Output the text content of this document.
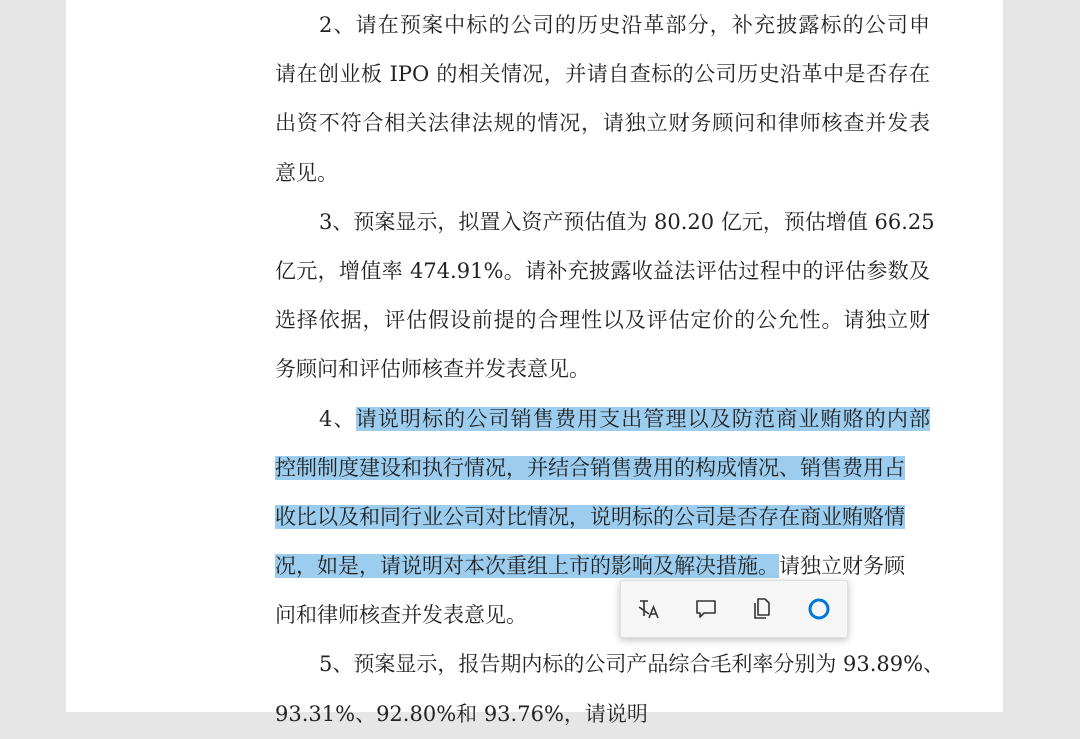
2、请在预案中标的公司的历史沿革部分，补充披露标的公司申
请在创业板 IPO 的相关情况，并请自查标的公司历史沿革中是否存在
出资不符合相关法律法规的情况，请独立财务顾问和律师核查并发表
意见。
3、预案显示，拟置入资产预估值为 80.20 亿元，预估增值 66.25
亿元，增值率 474.91%。请补充披露收益法评估过程中的评估参数及
选择依据，评估假设前提的合理性以及评估定价的公允性。请独立财
务顾问和评估师核查并发表意见。
4、请说明标的公司销售费用支出管理以及防范商业贿赂的内部
控制制度建设和执行情况，并结合销售费用的构成情况、销售费用占
收比以及和同行业公司对比情况，说明标的公司是否存在商业贿赂情
况，如是，请说明对本次重组上市的影响及解决措施。请独立财务顾
问和律师核查并发表意见。
5、预案显示，报告期内标的公司产品综合毛利率分别为 93.89%、
93.31%、92.80%和 93.76%，请说明
